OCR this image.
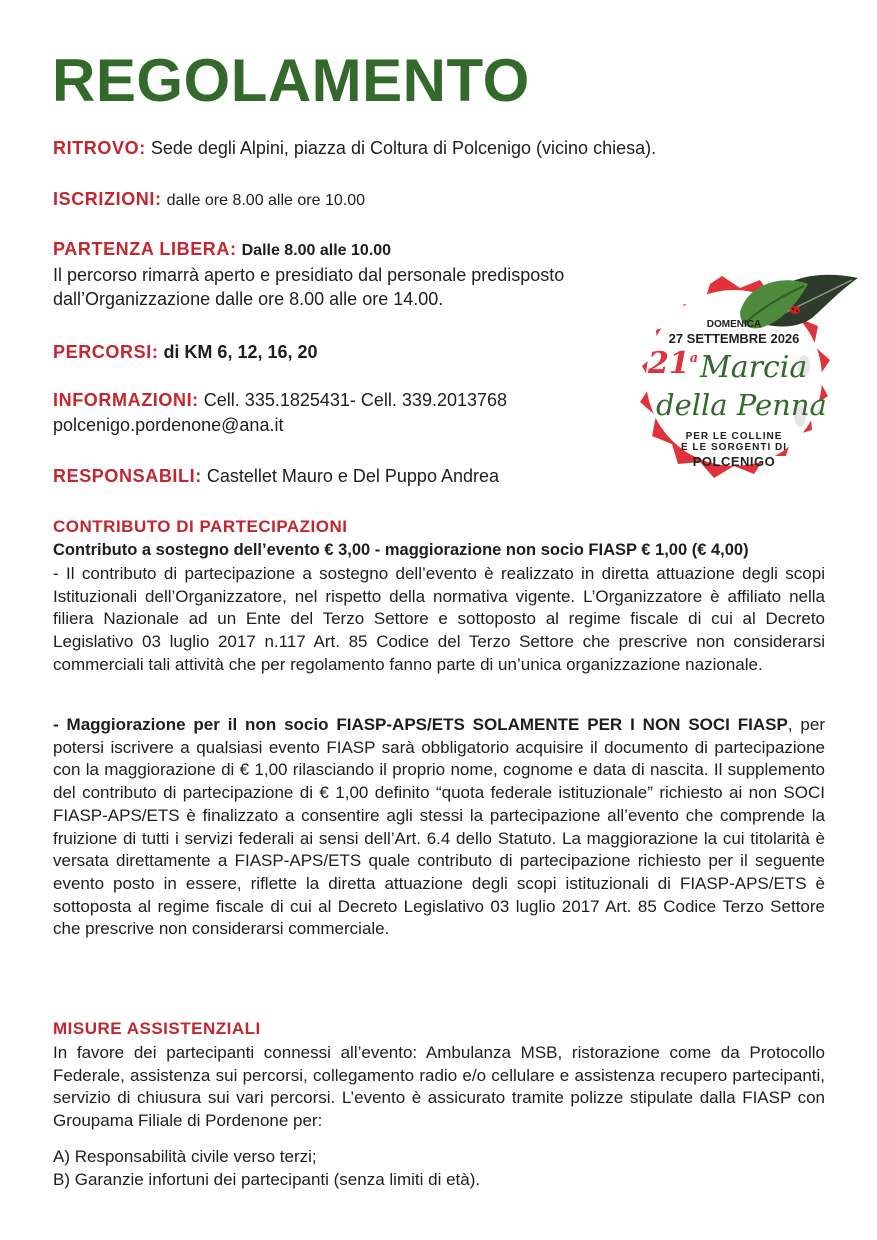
REGOLAMENTO
RITROVO: Sede degli Alpini, piazza di Coltura di Polcenigo (vicino chiesa).
ISCRIZIONI: dalle ore 8.00 alle ore 10.00
PARTENZA LIBERA: Dalle 8.00 alle 10.00
Il percorso rimarrà aperto e presidiato dal personale predisposto
dall’Organizzazione dalle ore 8.00 alle ore 14.00.
PERCORSI: di KM 6, 12, 16, 20
INFORMAZIONI: Cell. 335.1825431- Cell. 339.2013768
polcenigo.pordenone@ana.it
RESPONSABILI: Castellet Mauro e Del Puppo Andrea
CONTRIBUTO DI PARTECIPAZIONI
Contributo a sostegno dell’evento € 3,00 - maggiorazione non socio FIASP € 1,00 (€ 4,00)
- Il contributo di partecipazione a sostegno dell’evento è realizzato in diretta attuazione degli scopi Istituzionali dell’Organizzatore, nel rispetto della normativa vigente. L’Organizzatore è affiliato nella filiera Nazionale ad un Ente del Terzo Settore e sottoposto al regime fiscale di cui al Decreto Legislativo 03 luglio 2017 n.117 Art. 85 Codice del Terzo Settore che prescrive non considerarsi commerciali tali attività che per regolamento fanno parte di un’unica organizzazione nazionale.
- Maggiorazione per il non socio FIASP-APS/ETS SOLAMENTE PER I NON SOCI FIASP, per potersi iscrivere a qualsiasi evento FIASP sarà obbligatorio acquisire il documento di partecipazione con la maggiorazione di € 1,00 rilasciando il proprio nome, cognome e data di nascita. Il supplemento del contributo di partecipazione di € 1,00 definito “quota federale istituzionale” richiesto ai non SOCI FIASP-APS/ETS è finalizzato a consentire agli stessi la partecipazione all’evento che comprende la fruizione di tutti i servizi federali ai sensi dell’Art. 6.4 dello Statuto. La maggiorazione la cui titolarità è versata direttamente a FIASP-APS/ETS quale contributo di partecipazione richiesto per il seguente evento posto in essere, riflette la diretta attuazione degli scopi istituzionali di FIASP-APS/ETS è sottoposta al regime fiscale di cui al Decreto Legislativo 03 luglio 2017 Art. 85 Codice Terzo Settore che prescrive non considerarsi commerciale.
MISURE ASSISTENZIALI
In favore dei partecipanti connessi all’evento: Ambulanza MSB, ristorazione come da Protocollo Federale, assistenza sui percorsi, collegamento radio e/o cellulare e assistenza recupero partecipanti, servizio di chiusura sui vari percorsi. L’evento è assicurato tramite polizze stipulate dalla FIASP con Groupama Filiale di Pordenone per:
A) Responsabilità civile verso terzi;
B) Garanzie infortuni dei partecipanti (senza limiti di età).
DOMENICA
27 SETTEMBRE 2026
21$^a$ Marcia
della Penna
PER LE COLLINE
E LE SORGENTI DI
POLCENIGO
